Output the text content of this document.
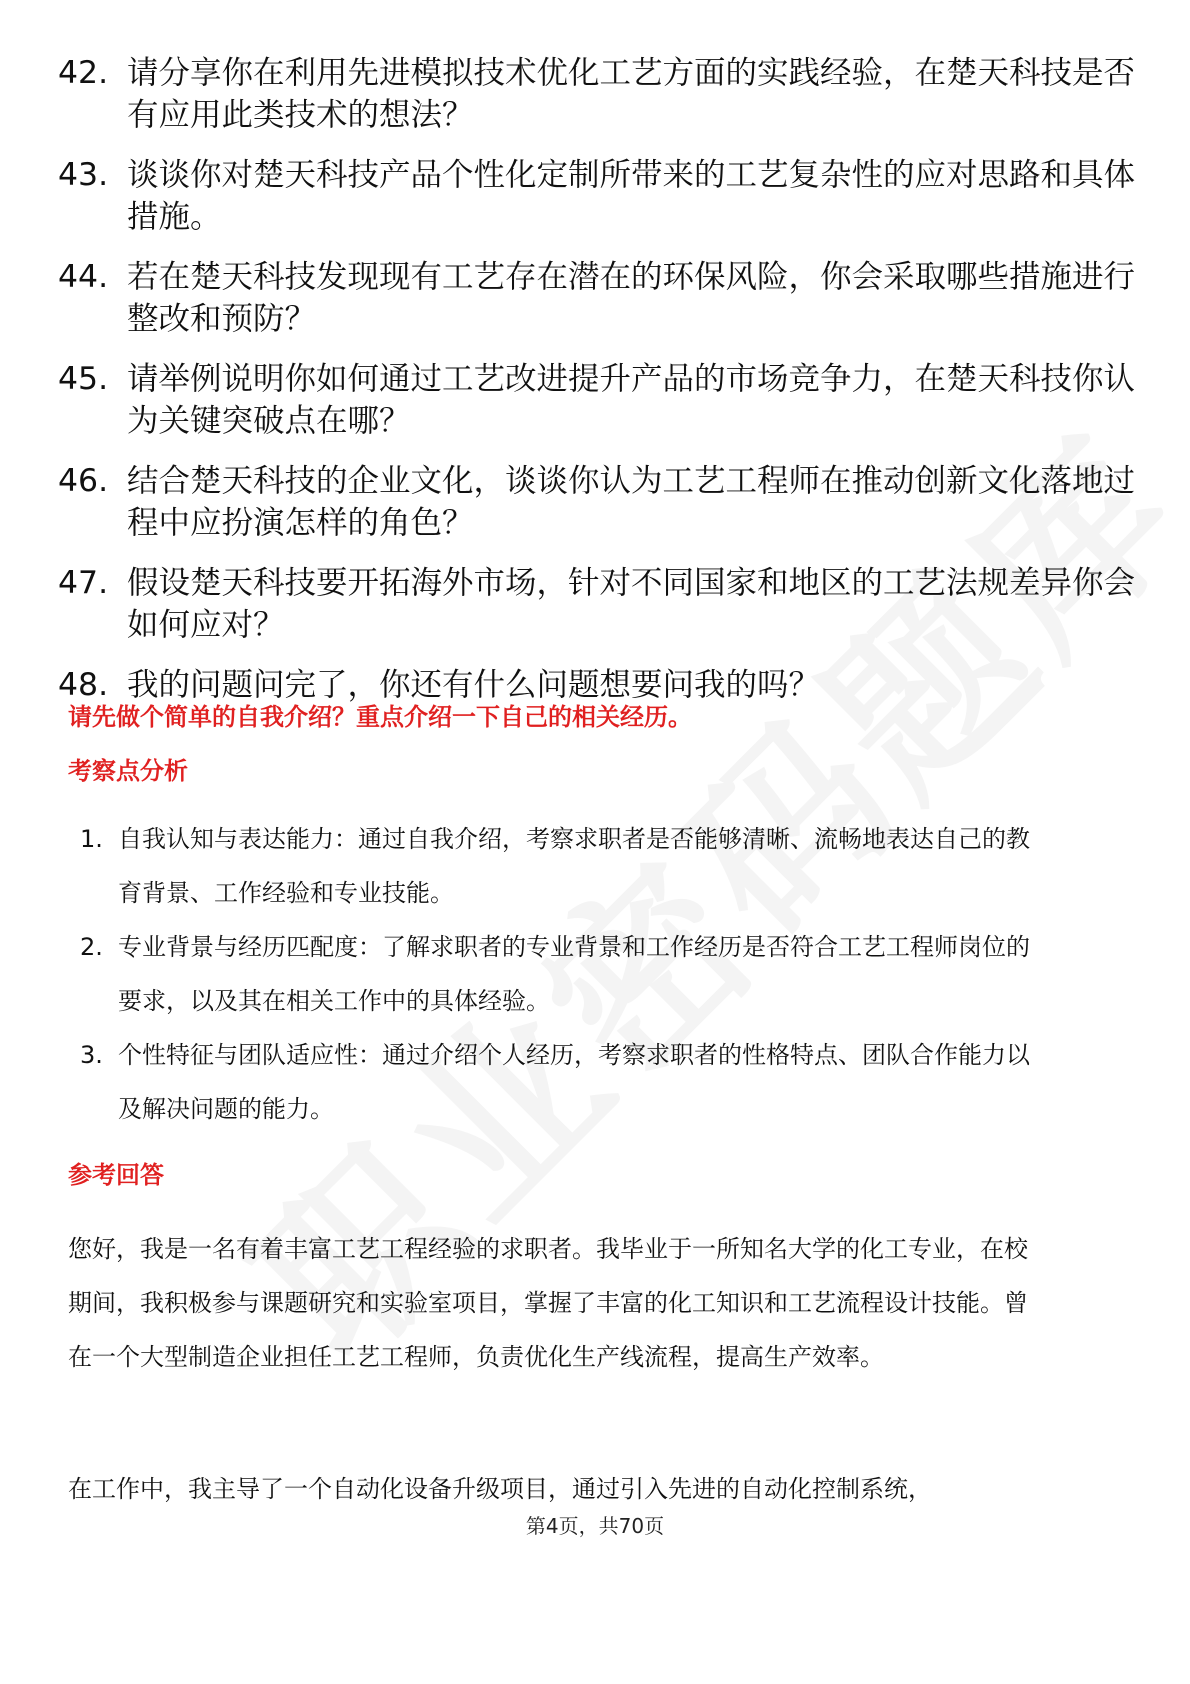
42. 请分享你在利用先进模拟技术优化工艺方面的实践经验，在楚天科技是否有应用此类技术的想法？
43. 谈谈你对楚天科技产品个性化定制所带来的工艺复杂性的应对思路和具体措施。
44. 若在楚天科技发现现有工艺存在潜在的环保风险，你会采取哪些措施进行整改和预防？
45. 请举例说明你如何通过工艺改进提升产品的市场竞争力，在楚天科技你认为关键突破点在哪？
46. 结合楚天科技的企业文化，谈谈你认为工艺工程师在推动创新文化落地过程中应扮演怎样的角色？
47. 假设楚天科技要开拓海外市场，针对不同国家和地区的工艺法规差异你会如何应对？
48. 我的问题问完了，你还有什么问题想要问我的吗？
请先做个简单的自我介绍？重点介绍一下自己的相关经历。
考察点分析
1. 自我认知与表达能力：通过自我介绍，考察求职者是否能够清晰、流畅地表达自己的教育背景、工作经验和专业技能。
2. 专业背景与经历匹配度：了解求职者的专业背景和工作经历是否符合工艺工程师岗位的要求，以及其在相关工作中的具体经验。
3. 个性特征与团队适应性：通过介绍个人经历，考察求职者的性格特点、团队合作能力以及解决问题的能力。
参考回答

您好，我是一名有着丰富工艺工程经验的求职者。我毕业于一所知名大学的化工专业，在校期间，我积极参与课题研究和实验室项目，掌握了丰富的化工知识和工艺流程设计技能。曾在一个大型制造企业担任工艺工程师，负责优化生产线流程，提高生产效率。

在工作中，我主导了一个自动化设备升级项目，通过引入先进的自动化控制系统，

第4页，共70页
